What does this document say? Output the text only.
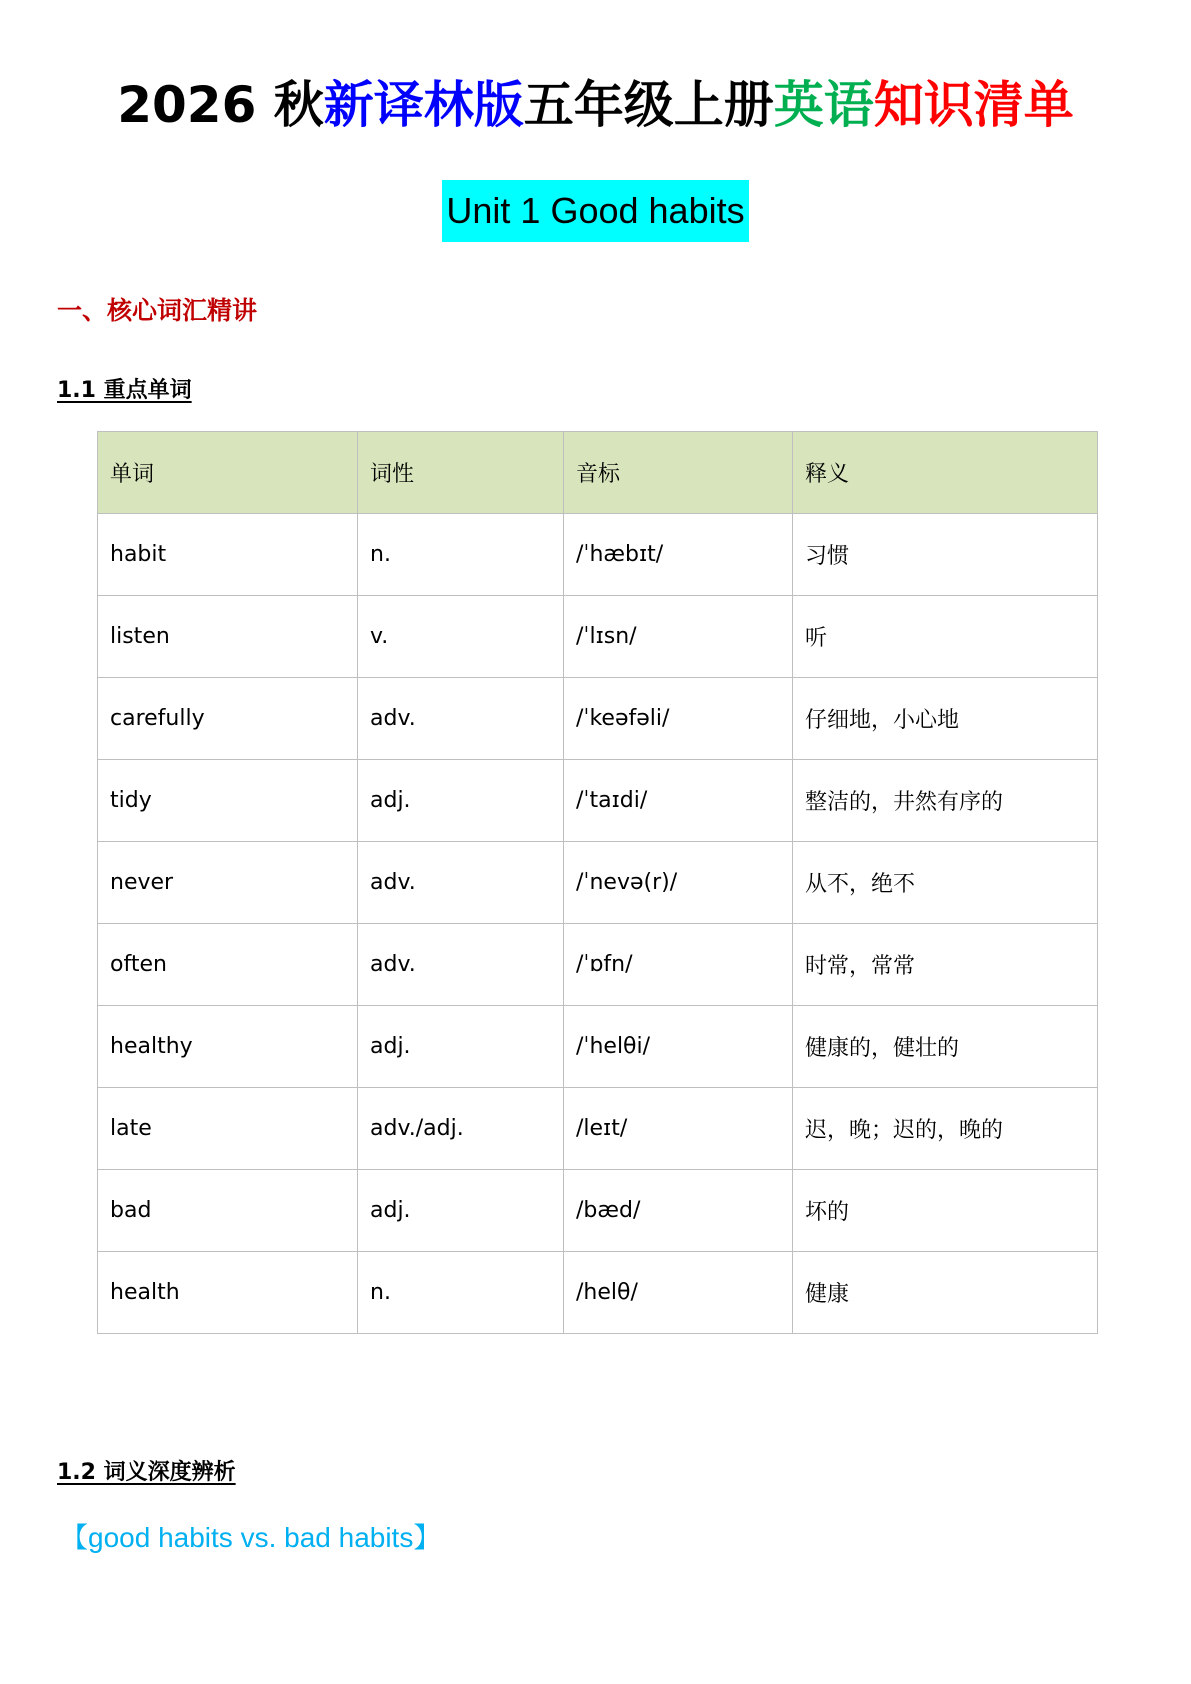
2026 秋新译林版五年级上册英语知识清单
Unit 1 Good habits
一、核心词汇精讲
1.1 重点单词
单词	词性	音标	释义
habit	n.	/ˈhæbɪt/	习惯
listen	v.	/ˈlɪsn/	听
carefully	adv.	/ˈkeəfəli/	仔细地，小心地
tidy	adj.	/ˈtaɪdi/	整洁的，井然有序的
never	adv.	/ˈnevə(r)/	从不，绝不
often	adv.	/ˈɒfn/	时常，常常
healthy	adj.	/ˈhelθi/	健康的，健壮的
late	adv./adj.	/leɪt/	迟，晚；迟的，晚的
bad	adj.	/bæd/	坏的
health	n.	/helθ/	健康
1.2 词义深度辨析
【good habits vs. bad habits】
